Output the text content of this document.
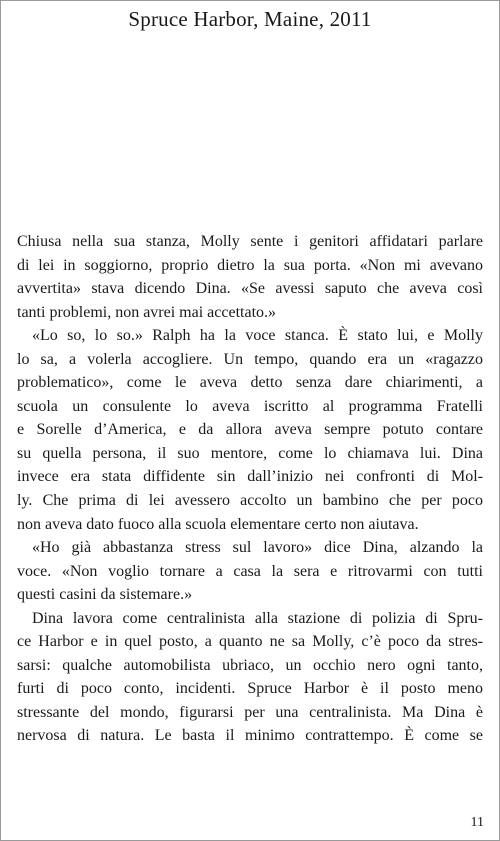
Spruce Harbor, Maine, 2011
Chiusa nella sua stanza, Molly sente i genitori affidatari parlare
di lei in soggiorno, proprio dietro la sua porta. «Non mi avevano
avvertita» stava dicendo Dina. «Se avessi saputo che aveva così
tanti problemi, non avrei mai accettato.»
«Lo so, lo so.» Ralph ha la voce stanca. È stato lui, e Molly
lo sa, a volerla accogliere. Un tempo, quando era un «ragazzo
problematico», come le aveva detto senza dare chiarimenti, a
scuola un consulente lo aveva iscritto al programma Fratelli
e Sorelle d’America, e da allora aveva sempre potuto contare
su quella persona, il suo mentore, come lo chiamava lui. Dina
invece era stata diffidente sin dall’inizio nei confronti di Mol-
ly. Che prima di lei avessero accolto un bambino che per poco
non aveva dato fuoco alla scuola elementare certo non aiutava.
«Ho già abbastanza stress sul lavoro» dice Dina, alzando la
voce. «Non voglio tornare a casa la sera e ritrovarmi con tutti
questi casini da sistemare.»
Dina lavora come centralinista alla stazione di polizia di Spru-
ce Harbor e in quel posto, a quanto ne sa Molly, c’è poco da stres-
sarsi: qualche automobilista ubriaco, un occhio nero ogni tanto,
furti di poco conto, incidenti. Spruce Harbor è il posto meno
stressante del mondo, figurarsi per una centralinista. Ma Dina è
nervosa di natura. Le basta il minimo contrattempo. È come se
11
